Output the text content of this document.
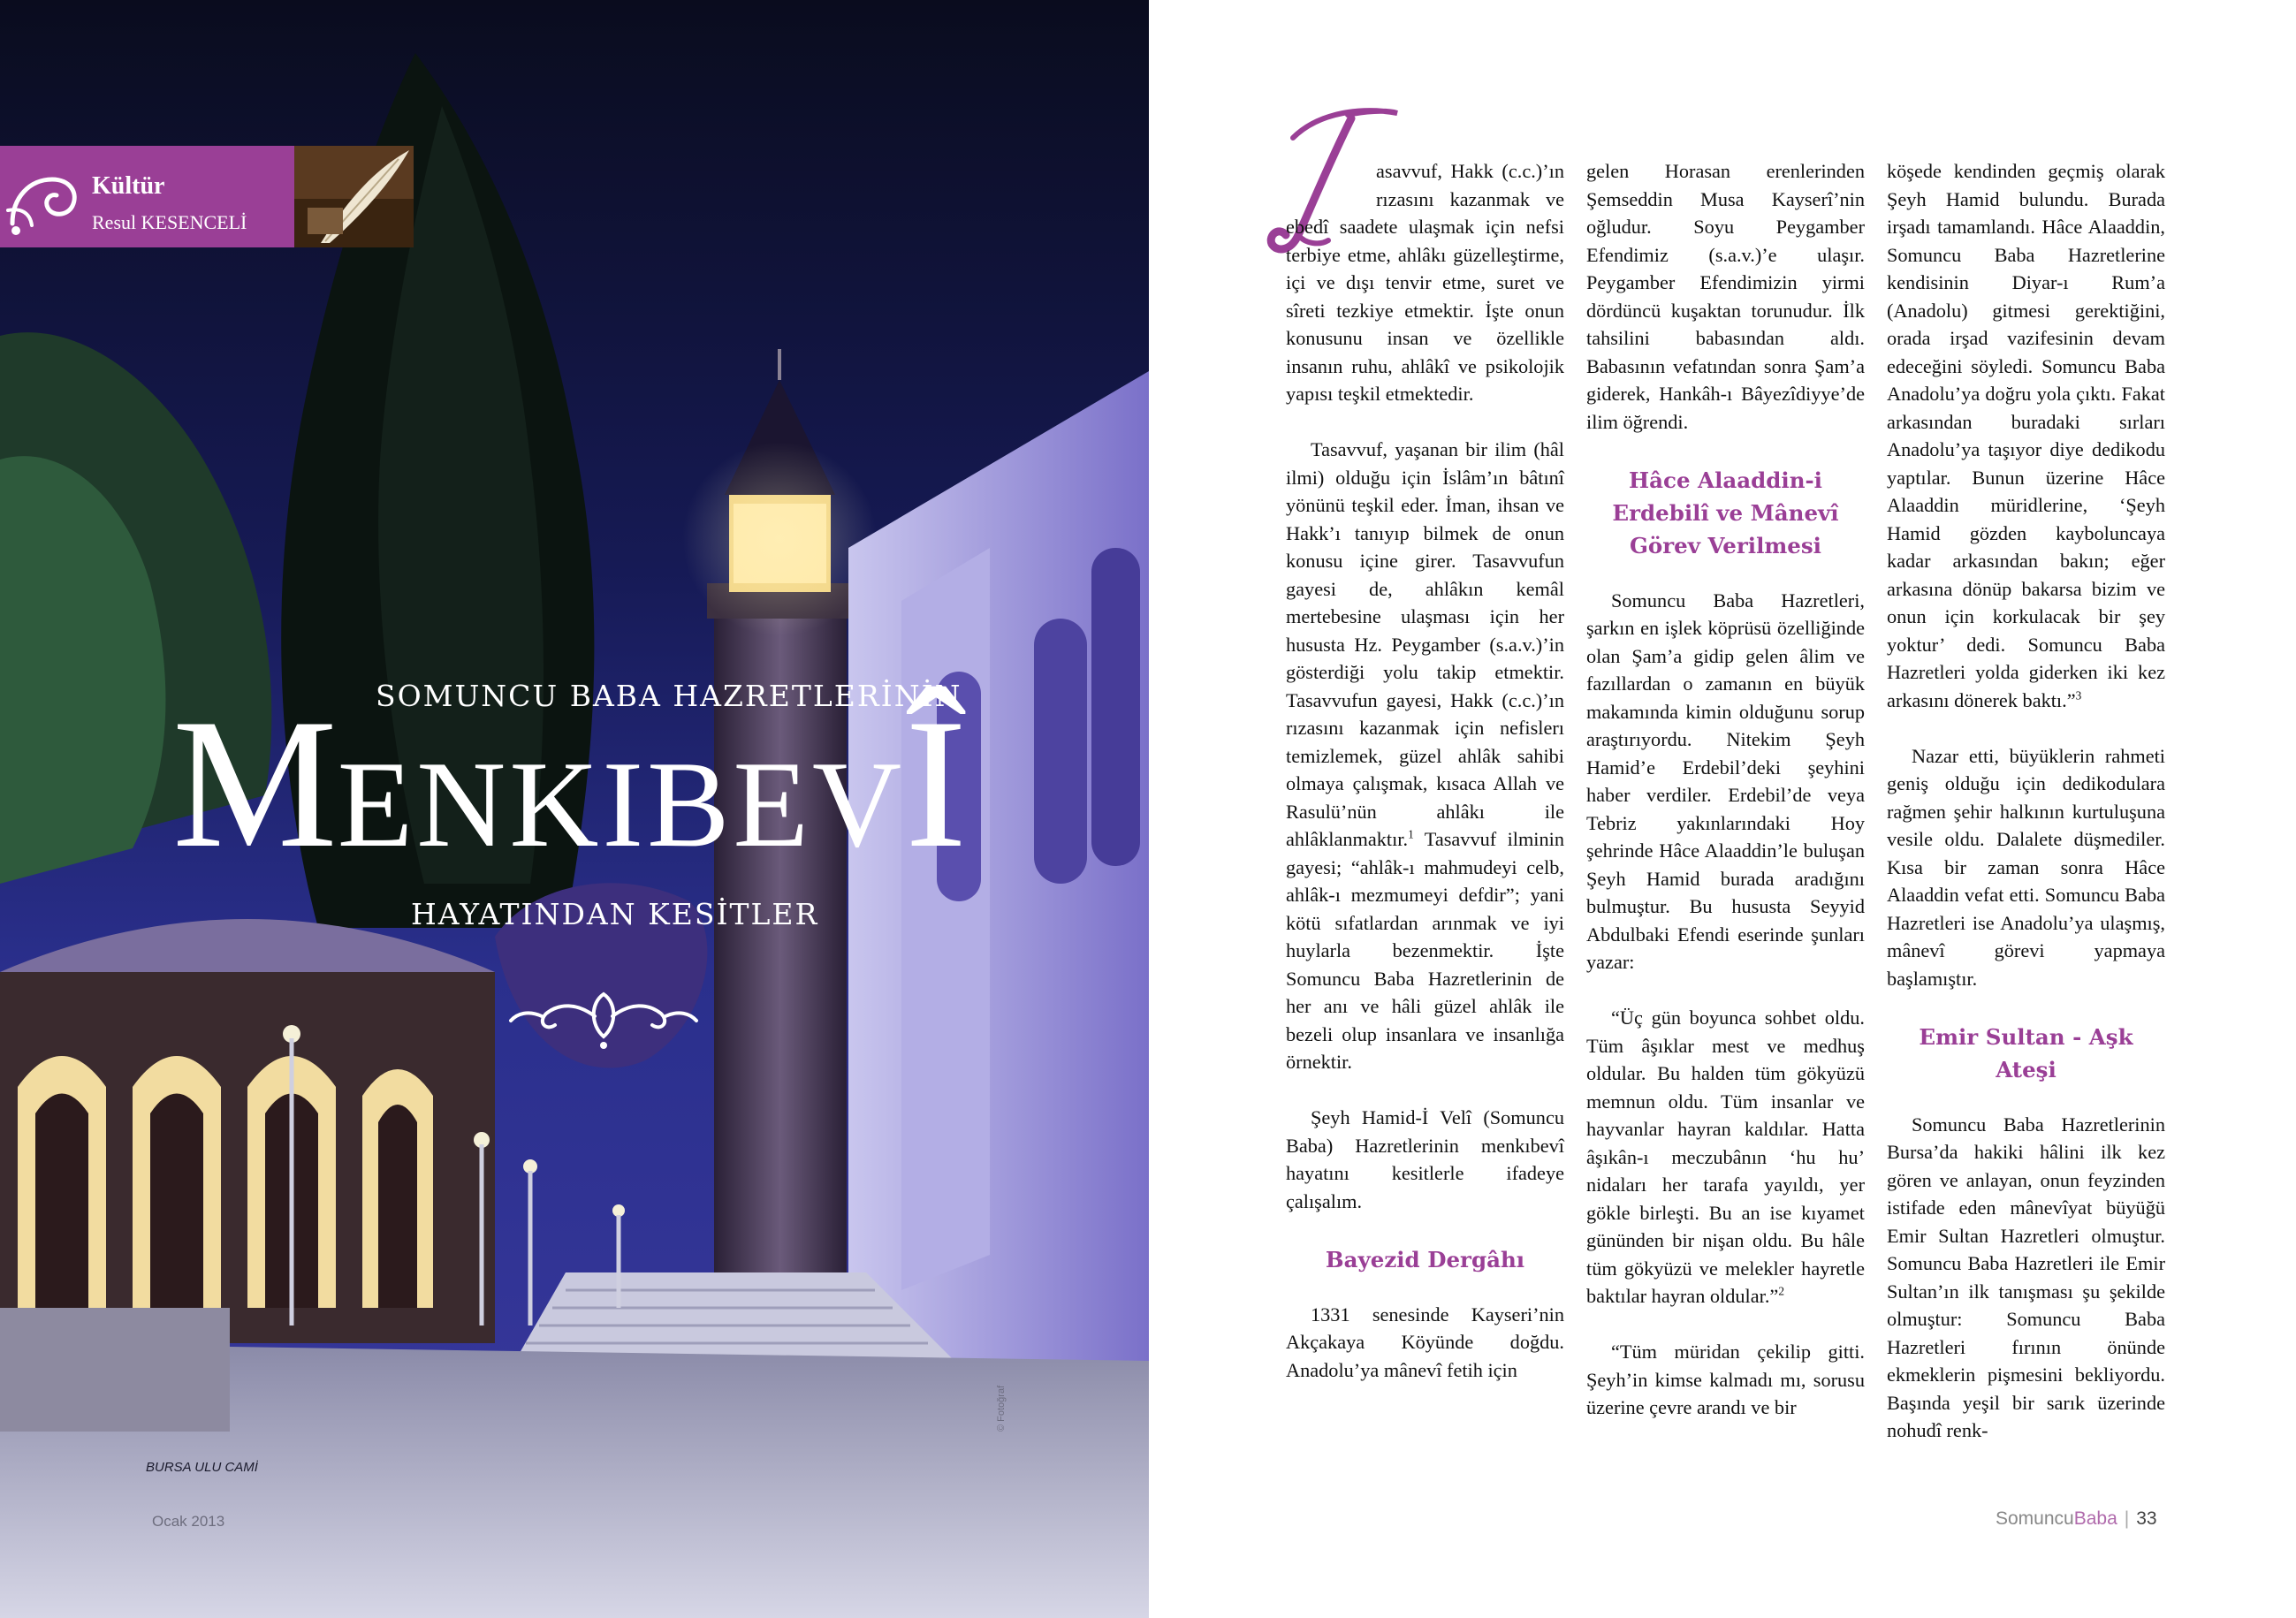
Kültür
Resul KESENCELİ
SOMUNCU BABA HAZRETLERİNİN
MENKIBEVÎ
HAYATINDAN KESİTLER
BURSA ULU CAMİ
© Fotoğraf
Ocak 2013

asavvuf, Hakk (c.c.)’ın rızasını kazanmak ve ebedî saadete ulaşmak için nefsi terbiye etme, ahlâkı güzelleştirme, içi ve dışı tenvir etme, suret ve sîreti tezkiye etmektir. İşte onun konusunu insan ve özellikle insanın ruhu, ahlâkî ve psikolojik yapısı teşkil etmektedir.

Tasavvuf, yaşanan bir ilim (hâl ilmi) olduğu için İslâm’ın bâtınî yönünü teşkil eder. İman, ihsan ve Hakk’ı tanıyıp bilmek de onun konusu içine girer. Tasavvufun gayesi de, ahlâkın kemâl mertebesine ulaşması için her hususta Hz. Peygamber (s.a.v.)’in gösterdiği yolu takip etmektir. Tasavvufun gayesi, Hakk (c.c.)’ın rızasını kazanmak için nefislerı temizlemek, güzel ahlâk sahibi olmaya çalışmak, kısaca Allah ve Rasulü’nün ahlâkı ile ahlâklanmaktır.$^1$ Tasavvuf ilminin gayesi; “ahlâk-ı mahmudeyi celb, ahlâk-ı mezmumeyi defdir”; yani kötü sıfatlardan arınmak ve iyi huylarla bezenmektir. İşte Somuncu Baba Hazretlerinin de her anı ve hâli güzel ahlâk ile bezeli olup insanlara ve insanlığa örnektir.

Şeyh Hamid-İ Velî (Somuncu Baba) Hazretlerinin menkıbevî hayatını kesitlerle ifadeye çalışalım.

Bayezid Dergâhı

1331 senesinde Kayseri’nin Akçakaya Köyünde doğdu. Anadolu’ya mânevî fetih için

gelen Horasan erenlerinden Şemseddin Musa Kayserî’nin oğludur. Soyu Peygamber Efendimiz (s.a.v.)’e ulaşır. Peygamber Efendimizin yirmi dördüncü kuşaktan torunudur. İlk tahsilini babasından aldı. Babasının vefatından sonra Şam’a giderek, Hankâh-ı Bâyezîdiyye’de ilim öğrendi.

Hâce Alaaddin-i Erdebilî ve Mânevî Görev Verilmesi

Somuncu Baba Hazretleri, şarkın en işlek köprüsü özelliğinde olan Şam’a gidip gelen âlim ve fazıllardan o zamanın en büyük makamında kimin olduğunu sorup araştırıyordu. Nitekim Şeyh Hamid’e Erdebil’deki şeyhini haber verdiler. Erdebil’de veya Tebriz yakınlarındaki Hoy şehrinde Hâce Alaaddin’le buluşan Şeyh Hamid burada aradığını bulmuştur. Bu hususta Seyyid Abdulbaki Efendi eserinde şunları yazar:

“Üç gün boyunca sohbet oldu. Tüm âşıklar mest ve medhuş oldular. Bu halden tüm gökyüzü memnun oldu. Tüm insanlar ve hayvanlar hayran kaldılar. Hatta âşıkân-ı meczubânın ‘hu hu’ nidaları her tarafa yayıldı, yer gökle birleşti. Bu an ise kıyamet gününden bir nişan oldu. Bu hâle tüm gökyüzü ve melekler hayretle baktılar hayran oldular.”$^2$

“Tüm müridan çekilip gitti. Şeyh’in kimse kalmadı mı, sorusu üzerine çevre arandı ve bir

köşede kendinden geçmiş olarak Şeyh Hamid bulundu. Burada irşadı tamamlandı. Hâce Alaaddin, Somuncu Baba Hazretlerine kendisinin Diyar-ı Rum’a (Anadolu) gitmesi gerektiğini, orada irşad vazifesinin devam edeceğini söyledi. Somuncu Baba Anadolu’ya doğru yola çıktı. Fakat arkasından buradaki sırları Anadolu’ya taşıyor diye dedikodu yaptılar. Bunun üzerine Hâce Alaaddin müridlerine, ‘Şeyh Hamid gözden kayboluncaya kadar arkasından bakın; eğer arkasına dönüp bakarsa bizim ve onun için korkulacak bir şey yoktur’ dedi. Somuncu Baba Hazretleri yolda giderken iki kez arkasını dönerek baktı.”$^3$

Nazar etti, büyüklerin rahmeti geniş olduğu için dedikodulara rağmen şehir halkının kurtuluşuna vesile oldu. Dalalete düşmediler. Kısa bir zaman sonra Hâce Alaaddin vefat etti. Somuncu Baba Hazretleri ise Anadolu’ya ulaşmış, mânevî görevi yapmaya başlamıştır.

Emir Sultan - Aşk Ateşi

Somuncu Baba Hazretlerinin Bursa’da hakiki hâlini ilk kez gören ve anlayan, onun feyzinden istifade eden mânevîyat büyüğü Emir Sultan Hazretleri olmuştur. Somuncu Baba Hazretleri ile Emir Sultan’ın ilk tanışması şu şekilde olmuştur: Somuncu Baba Hazretleri fırının önünde ekmeklerin pişmesini bekliyordu. Başında yeşil bir sarık üzerinde nohudî renk-

SomuncuBaba | 33
